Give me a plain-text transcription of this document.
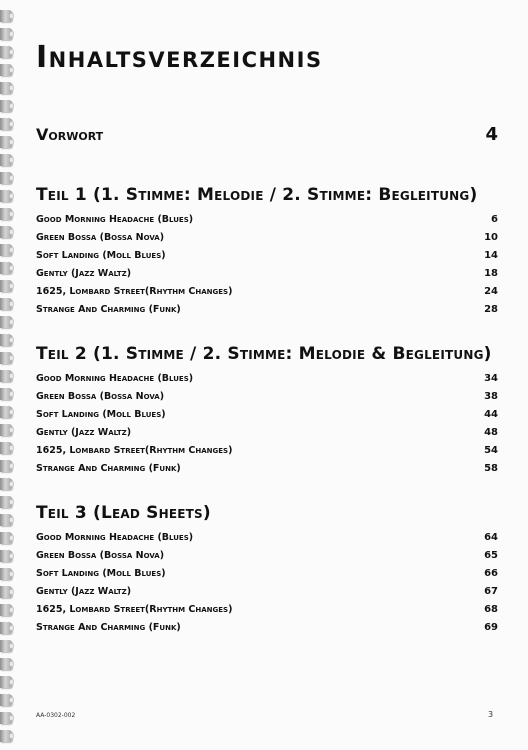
Inhaltsverzeichnis
Vorwort	4
Teil 1 (1. Stimme: Melodie / 2. Stimme: Begleitung)
Good Morning Headache (Blues)	6
Green Bossa (Bossa Nova)	10
Soft Landing (Moll Blues)	14
Gently (Jazz Waltz)	18
1625, Lombard Street(Rhythm Changes)	24
Strange And Charming (Funk)	28
Teil 2 (1. Stimme / 2. Stimme: Melodie & Begleitung)
Good Morning Headache (Blues)	34
Green Bossa (Bossa Nova)	38
Soft Landing (Moll Blues)	44
Gently (Jazz Waltz)	48
1625, Lombard Street(Rhythm Changes)	54
Strange And Charming (Funk)	58
Teil 3 (Lead Sheets)
Good Morning Headache (Blues)	64
Green Bossa (Bossa Nova)	65
Soft Landing (Moll Blues)	66
Gently (Jazz Waltz)	67
1625, Lombard Street(Rhythm Changes)	68
Strange And Charming (Funk)	69
AA-0302-002	3
